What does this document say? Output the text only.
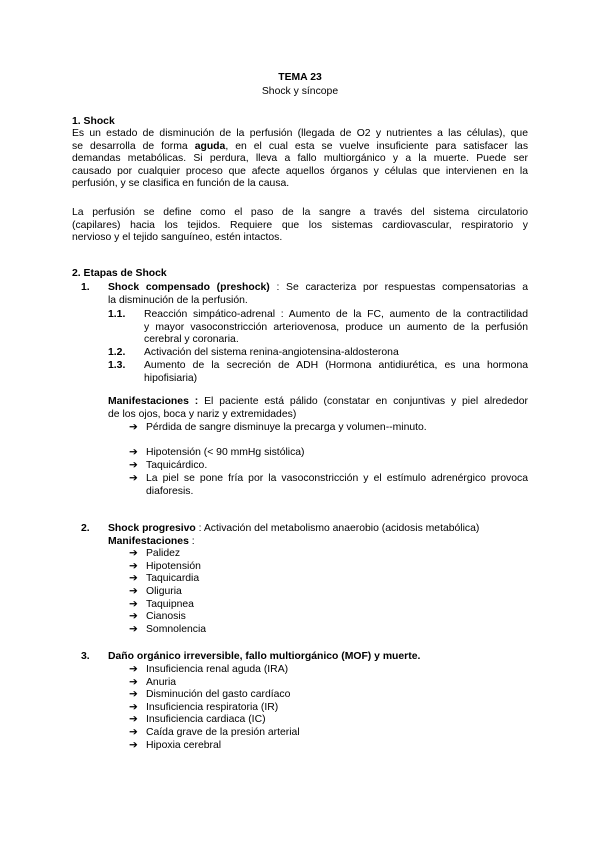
TEMA 23
Shock y síncope
1. Shock
Es un estado de disminución de la perfusión (llegada de O2 y nutrientes a las células), que
se desarrolla de forma aguda, en el cual esta se vuelve insuficiente para satisfacer las
demandas metabólicas. Si perdura, lleva a fallo multiorgánico y a la muerte. Puede ser
causado por cualquier proceso que afecte aquellos órganos y células que intervienen en la
perfusión, y se clasifica en función de la causa.
La perfusión se define como el paso de la sangre a través del sistema circulatorio
(capilares) hacia los tejidos. Requiere que los sistemas cardiovascular, respiratorio y
nervioso y el tejido sanguíneo, estén intactos.
2. Etapas de Shock
1. Shock compensado (preshock) : Se caracteriza por respuestas compensatorias a
la disminución de la perfusión.
1.1. Reacción simpático-adrenal : Aumento de la FC, aumento de la contractilidad
y mayor vasoconstricción arteriovenosa, produce un aumento de la perfusión
cerebral y coronaria.
1.2. Activación del sistema renina-angiotensina-aldosterona
1.3. Aumento de la secreción de ADH (Hormona antidiurética, es una hormona
hipofisiaria)
Manifestaciones : El paciente está pálido (constatar en conjuntivas y piel alrededor
de los ojos, boca y nariz y extremidades)
➔ Pérdida de sangre disminuye la precarga y volumen--minuto.
➔ Hipotensión (< 90 mmHg sistólica)
➔ Taquicárdico.
➔ La piel se pone fría por la vasoconstricción y el estímulo adrenérgico provoca
diaforesis.
2. Shock progresivo : Activación del metabolismo anaerobio (acidosis metabólica)
Manifestaciones :
➔ Palidez
➔ Hipotensión
➔ Taquicardia
➔ Oliguria
➔ Taquipnea
➔ Cianosis
➔ Somnolencia
3. Daño orgánico irreversible, fallo multiorgánico (MOF) y muerte.
➔ Insuficiencia renal aguda (IRA)
➔ Anuria
➔ Disminución del gasto cardíaco
➔ Insuficiencia respiratoria (IR)
➔ Insuficiencia cardiaca (IC)
➔ Caída grave de la presión arterial
➔ Hipoxia cerebral
